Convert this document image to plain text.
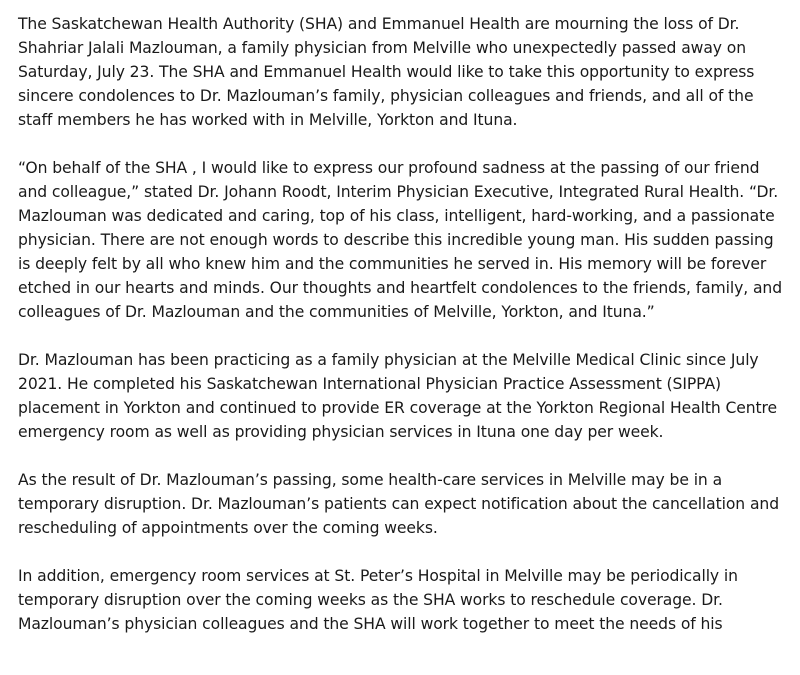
The Saskatchewan Health Authority (SHA) and Emmanuel Health are mourning the loss of Dr.
Shahriar Jalali Mazlouman, a family physician from Melville who unexpectedly passed away on
Saturday, July 23. The SHA and Emmanuel Health would like to take this opportunity to express
sincere condolences to Dr. Mazlouman’s family, physician colleagues and friends, and all of the
staff members he has worked with in Melville, Yorkton and Ituna.

“On behalf of the SHA , I would like to express our profound sadness at the passing of our friend
and colleague,” stated Dr. Johann Roodt, Interim Physician Executive, Integrated Rural Health. “Dr.
Mazlouman was dedicated and caring, top of his class, intelligent, hard-working, and a passionate
physician. There are not enough words to describe this incredible young man. His sudden passing
is deeply felt by all who knew him and the communities he served in. His memory will be forever
etched in our hearts and minds. Our thoughts and heartfelt condolences to the friends, family, and
colleagues of Dr. Mazlouman and the communities of Melville, Yorkton, and Ituna.”

Dr. Mazlouman has been practicing as a family physician at the Melville Medical Clinic since July
2021. He completed his Saskatchewan International Physician Practice Assessment (SIPPA)
placement in Yorkton and continued to provide ER coverage at the Yorkton Regional Health Centre
emergency room as well as providing physician services in Ituna one day per week.

As the result of Dr. Mazlouman’s passing, some health-care services in Melville may be in a
temporary disruption. Dr. Mazlouman’s patients can expect notification about the cancellation and
rescheduling of appointments over the coming weeks.

In addition, emergency room services at St. Peter’s Hospital in Melville may be periodically in
temporary disruption over the coming weeks as the SHA works to reschedule coverage. Dr.
Mazlouman’s physician colleagues and the SHA will work together to meet the needs of his
